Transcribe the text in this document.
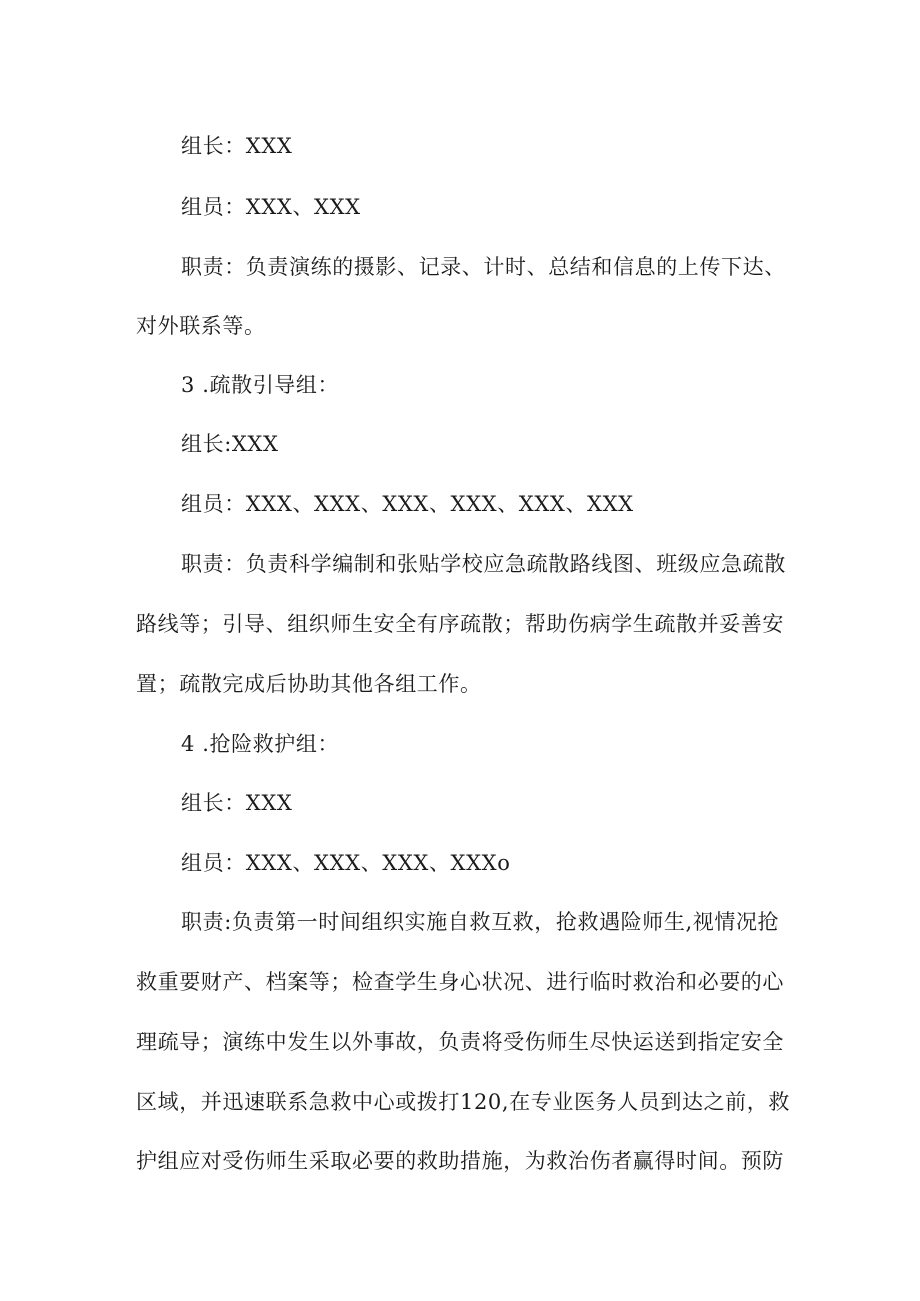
组长：XXX
组员：XXX、XXX
职责：负责演练的摄影、记录、计时、总结和信息的上传下达、
对外联系等。
3 .疏散引导组：
组长:XXX
组员：XXX、XXX、XXX、XXX、XXX、XXX
职责：负责科学编制和张贴学校应急疏散路线图、班级应急疏散
路线等；引导、组织师生安全有序疏散；帮助伤病学生疏散并妥善安
置；疏散完成后协助其他各组工作。
4 .抢险救护组：
组长：XXX
组员：XXX、XXX、XXX、XXXo
职责:负责第一时间组织实施自救互救，抢救遇险师生,视情况抢
救重要财产、档案等；检查学生身心状况、进行临时救治和必要的心
理疏导；演练中发生以外事故，负责将受伤师生尽快运送到指定安全
区域，并迅速联系急救中心或拨打120,在专业医务人员到达之前，救
护组应对受伤师生采取必要的救助措施，为救治伤者赢得时间。预防
